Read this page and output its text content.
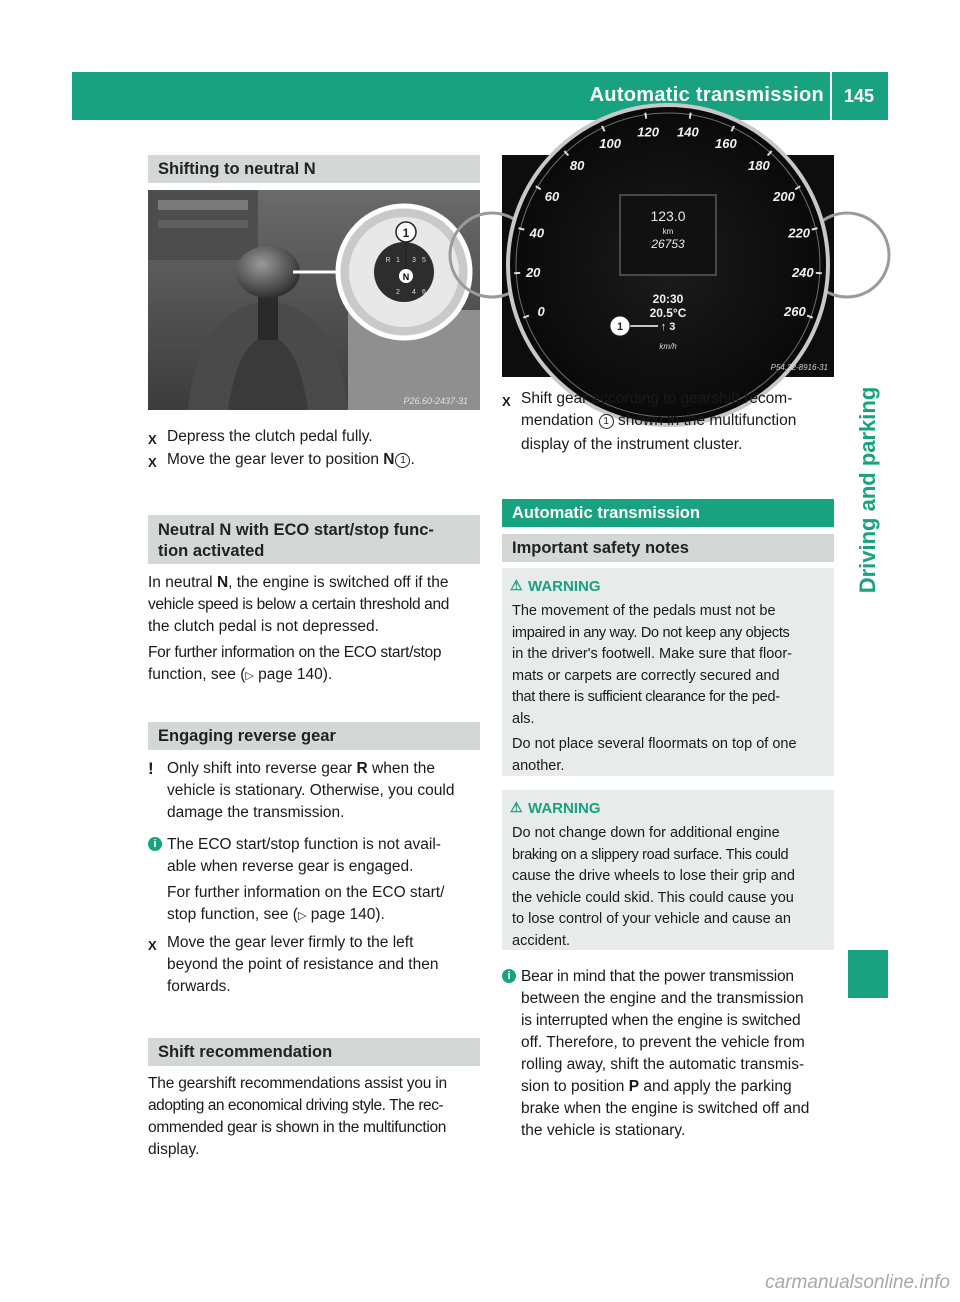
Automatic transmission 145
Driving and parking
Shifting to neutral N
1
N
R 1 3 5
2 4 6
P26.60-2437-31
X Depress the clutch pedal fully.
X Move the gear lever to position N 1 .
Neutral N with ECO start/stop func-
tion activated
In neutral N, the engine is switched off if the
vehicle speed is below a certain threshold and
the clutch pedal is not depressed.
For further information on the ECO start/stop
function, see (▷ page 140).
Engaging reverse gear
! Only shift into reverse gear R when the
vehicle is stationary. Otherwise, you could
damage the transmission.
i The ECO start/stop function is not avail-
able when reverse gear is engaged.
For further information on the ECO start/
stop function, see (▷ page 140).
X Move the gear lever firmly to the left
beyond the point of resistance and then
forwards.
Shift recommendation
The gearshift recommendations assist you in
adopting an economical driving style. The rec-
ommended gear is shown in the multifunction
display.
0
20
40
60
80
100
120 140
160
180
200
220
240
260
123.0
km
26753
20:30
20.5°C
↑ 3
1
km/h
P54.32-8916-31
X Shift gear according to gearshift recom-
mendation 1 shown in the multifunction
display of the instrument cluster.
Automatic transmission
Important safety notes
⚠ WARNING
The movement of the pedals must not be
impaired in any way. Do not keep any objects
in the driver's footwell. Make sure that floor-
mats or carpets are correctly secured and
that there is sufficient clearance for the ped-
als.
Do not place several floormats on top of one
another.
⚠ WARNING
Do not change down for additional engine
braking on a slippery road surface. This could
cause the drive wheels to lose their grip and
the vehicle could skid. This could cause you
to lose control of your vehicle and cause an
accident.
i Bear in mind that the power transmission
between the engine and the transmission
is interrupted when the engine is switched
off. Therefore, to prevent the vehicle from
rolling away, shift the automatic transmis-
sion to position P and apply the parking
brake when the engine is switched off and
the vehicle is stationary.
carmanualsonline.info
